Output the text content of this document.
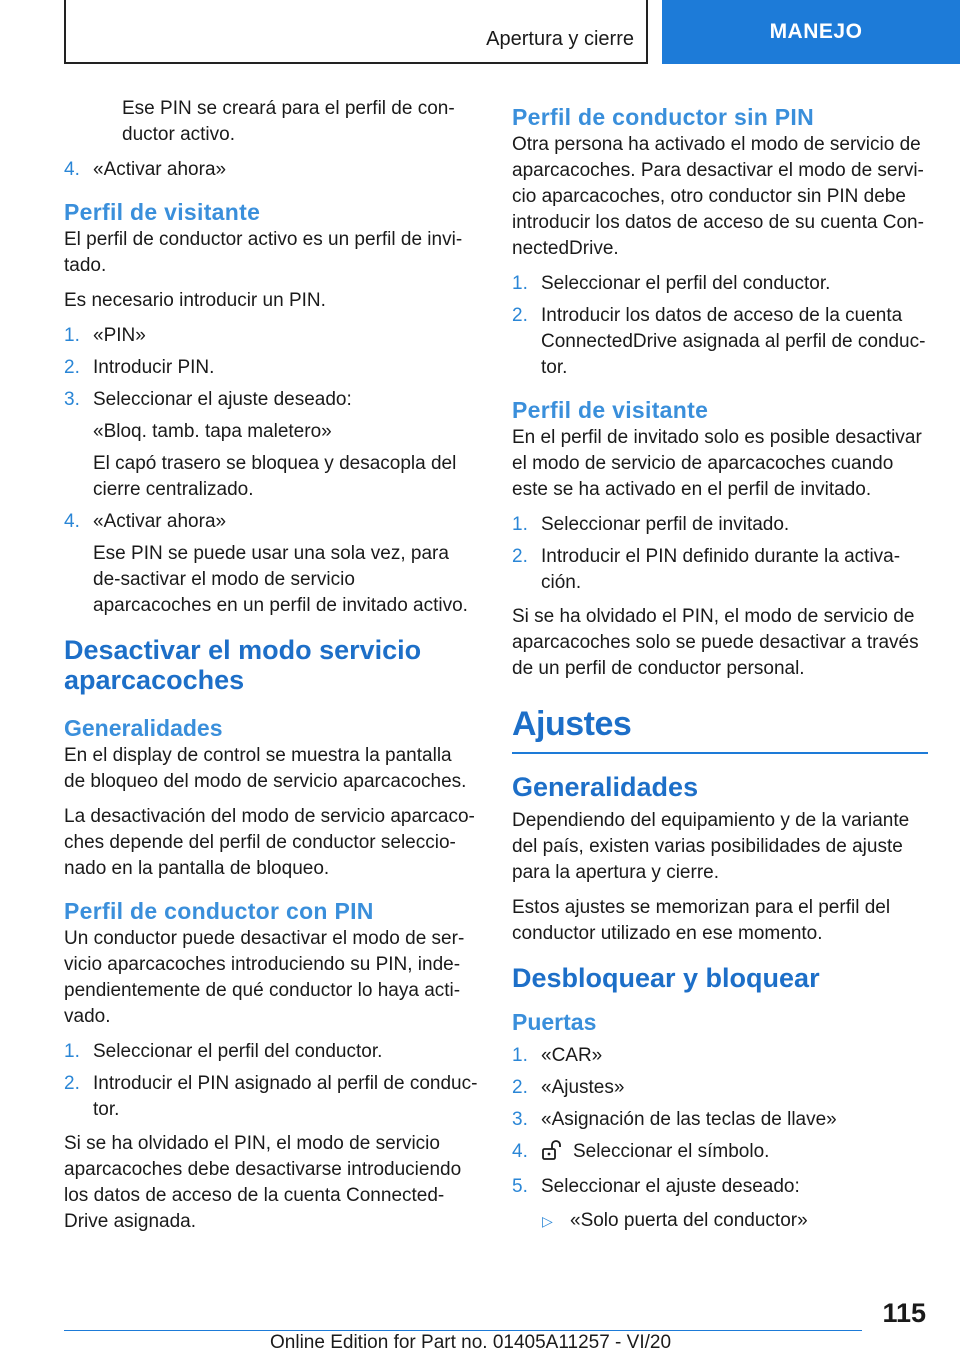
Apertura y cierre	MANEJO

Ese PIN se creará para el perfil de con-ductor activo.

4. «Activar ahora»
Perfil de visitante

El perfil de conductor activo es un perfil de invi-tado.

Es necesario introducir un PIN.

1. «PIN»
2. Introducir PIN.
3. Seleccionar el ajuste deseado:
«Bloq. tamb. tapa maletero»
El capó trasero se bloquea y desacopla del cierre centralizado.
4. «Activar ahora»
Ese PIN se puede usar una sola vez, para de-sactivar el modo de servicio aparcacoches en un perfil de invitado activo.
Desactivar el modo servicio aparcacoches
Generalidades

En el display de control se muestra la pantalla de bloqueo del modo de servicio aparcacoches.

La desactivación del modo de servicio aparcaco-ches depende del perfil de conductor seleccio-nado en la pantalla de bloqueo.

Perfil de conductor con PIN

Un conductor puede desactivar el modo de ser-vicio aparcacoches introduciendo su PIN, inde-pendientemente de qué conductor lo haya acti-vado.

1. Seleccionar el perfil del conductor.
2. Introducir el PIN asignado al perfil de conduc-tor.

Si se ha olvidado el PIN, el modo de servicio aparcacoches debe desactivarse introduciendo los datos de acceso de la cuenta Connected-Drive asignada.

Perfil de conductor sin PIN

Otra persona ha activado el modo de servicio de aparcacoches. Para desactivar el modo de servi-cio aparcacoches, otro conductor sin PIN debe introducir los datos de acceso de su cuenta Con-nectedDrive.

1. Seleccionar el perfil del conductor.
2. Introducir los datos de acceso de la cuenta ConnectedDrive asignada al perfil de conduc-tor.
Perfil de visitante

En el perfil de invitado solo es posible desactivar el modo de servicio de aparcacoches cuando este se ha activado en el perfil de invitado.

1. Seleccionar perfil de invitado.
2. Introducir el PIN definido durante la activa-ción.

Si se ha olvidado el PIN, el modo de servicio de aparcacoches solo se puede desactivar a través de un perfil de conductor personal.

Ajustes
Generalidades

Dependiendo del equipamiento y de la variante del país, existen varias posibilidades de ajuste para la apertura y cierre.

Estos ajustes se memorizan para el perfil del conductor utilizado en ese momento.

Desbloquear y bloquear
Puertas
1. «CAR»
2. «Ajustes»
3. «Asignación de las teclas de llave»
4. Seleccionar el símbolo.
5. Seleccionar el ajuste deseado:
▷ «Solo puerta del conductor»
115
Online Edition for Part no. 01405A11257 - VI/20
